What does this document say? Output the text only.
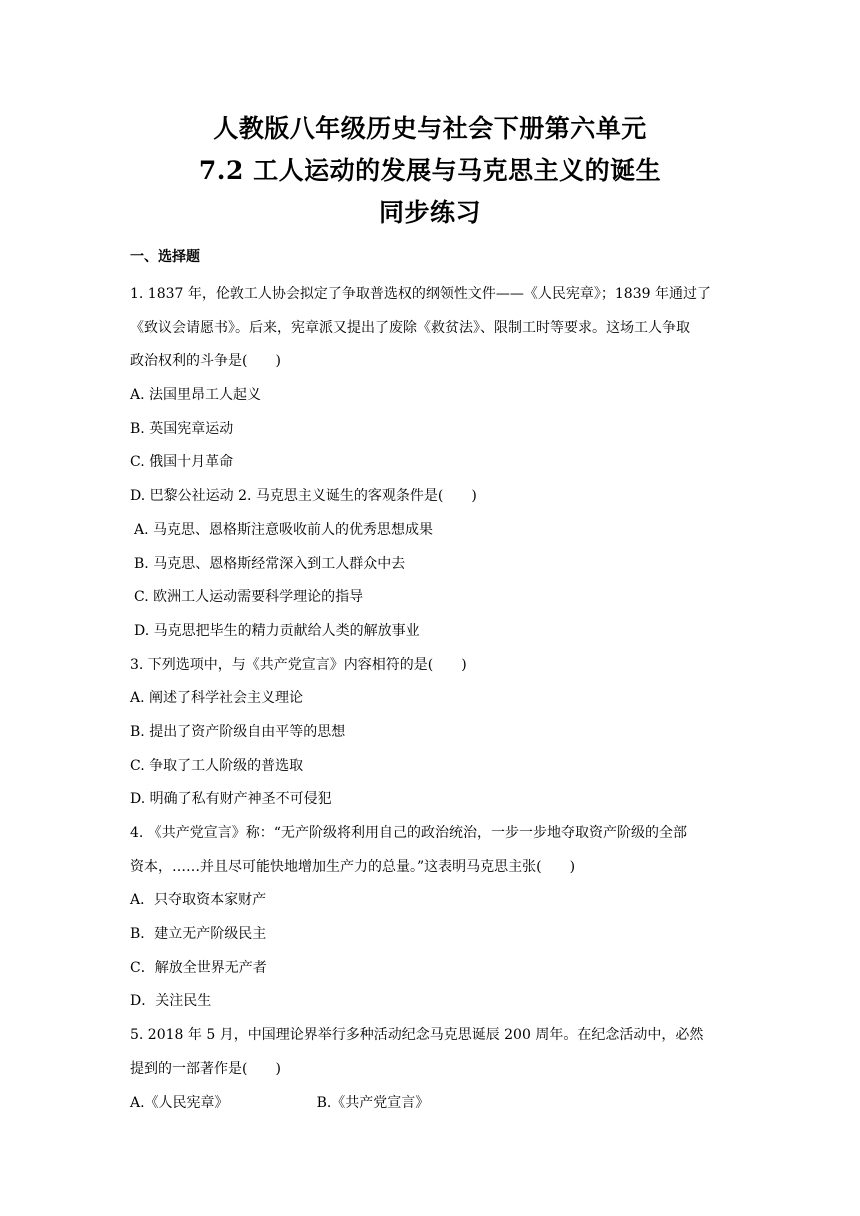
人教版八年级历史与社会下册第六单元
7.2 工人运动的发展与马克思主义的诞生
同步练习
一、选择题
1. 1837 年，伦敦工人协会拟定了争取普选权的纲领性文件——《人民宪章》；1839 年通过了
《致议会请愿书》。后来，宪章派又提出了废除《救贫法》、限制工时等要求。这场工人争取
政治权利的斗争是(　　)
A. 法国里昂工人起义
B. 英国宪章运动
C. 俄国十月革命
D. 巴黎公社运动 2. 马克思主义诞生的客观条件是(　　)
A. 马克思、恩格斯注意吸收前人的优秀思想成果
B. 马克思、恩格斯经常深入到工人群众中去
C. 欧洲工人运动需要科学理论的指导
D. 马克思把毕生的精力贡献给人类的解放事业
3. 下列选项中，与《共产党宣言》内容相符的是(　　)
A. 阐述了科学社会主义理论
B. 提出了资产阶级自由平等的思想
C. 争取了工人阶级的普选取
D. 明确了私有财产神圣不可侵犯
4. 《共产党宣言》称：“无产阶级将利用自己的政治统治，一步一步地夺取资产阶级的全部
资本，……并且尽可能快地增加生产力的总量。”这表明马克思主张(　　)
A．只夺取资本家财产
B．建立无产阶级民主
C．解放全世界无产者
D．关注民生
5. 2018 年 5 月，中国理论界举行多种活动纪念马克思诞辰 200 周年。在纪念活动中，必然
提到的一部著作是(　　)
A.《人民宪章》	B.《共产党宣言》
